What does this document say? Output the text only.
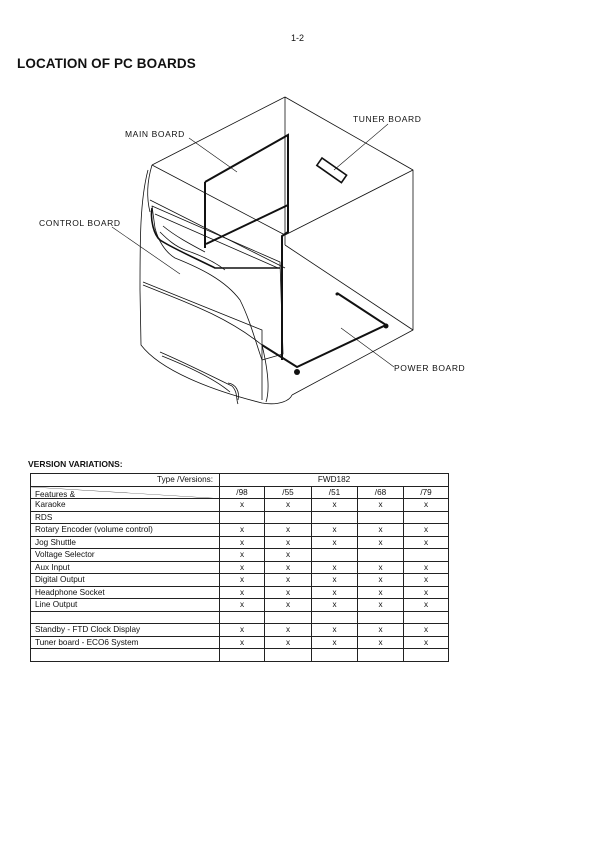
1-2
LOCATION OF PC BOARDS
MAIN BOARD
TUNER BOARD
CONTROL BOARD
POWER BOARD
VERSION VARIATIONS:
Type /Versions:	FWD182				

Features &	/98	/55	/51	/68	/79
Karaoke	x	x	x	x	x
RDS					
Rotary Encoder (volume control)	x	x	x	x	x
Jog Shuttle	x	x	x	x	x
Voltage Selector	x	x			
Aux Input	x	x	x	x	x
Digital Output	x	x	x	x	x
Headphone Socket	x	x	x	x	x
Line Output	x	x	x	x	x

Standby - FTD Clock Display	x	x	x	x	x
Tuner board - ECO6 System	x	x	x	x	x
